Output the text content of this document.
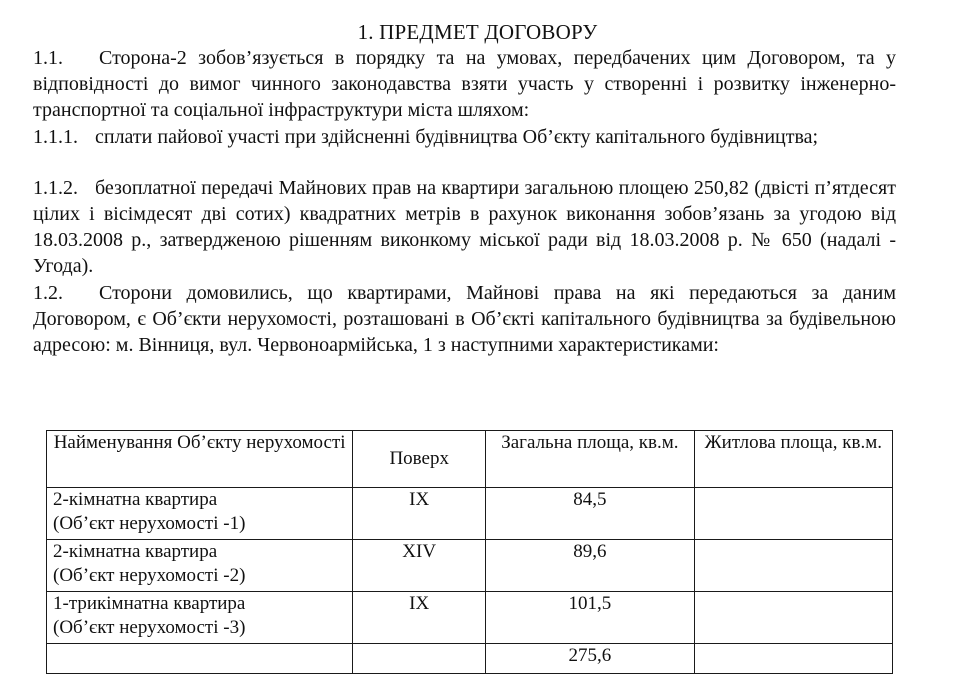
1. ПРЕДМЕТ ДОГОВОРУ
1.1. Сторона-2 зобов’язується в порядку та на умовах, передбачених цим Договором, та у відповідності до вимог чинного законодавства взяти участь у створенні і розвитку інженерно-транспортної та соціальної інфраструктури міста шляхом:
1.1.1. сплати пайової участі при здійсненні будівництва Об’єкту капітального будівництва;
1.1.2. безоплатної передачі Майнових прав на квартири загальною площею 250,82 (двісті п’ятдесят цілих і вісімдесят дві сотих) квадратних метрів в рахунок виконання зобов’язань за угодою від 18.03.2008 р., затвердженою рішенням виконкому міської ради від 18.03.2008 р. № 650 (надалі - Угода).
1.2. Сторони домовились, що квартирами, Майнові права на які передаються за даним Договором, є Об’єкти нерухомості, розташовані в Об’єкті капітального будівництва за будівельною адресою: м. Вінниця, вул. Червоноармійська, 1 з наступними характеристиками:
Найменування Об’єкту нерухомості	Поверх	Загальна площа, кв.м.	Житлова площа, кв.м.

2-кімнатна квартира
(Об’єкт нерухомості -1)	IX	84,5	

2-кімнатна квартира
(Об’єкт нерухомості -2)	XIV	89,6	

1-трикімнатна квартира
(Об’єкт нерухомості -3)	IX	101,5	
		275,6	
